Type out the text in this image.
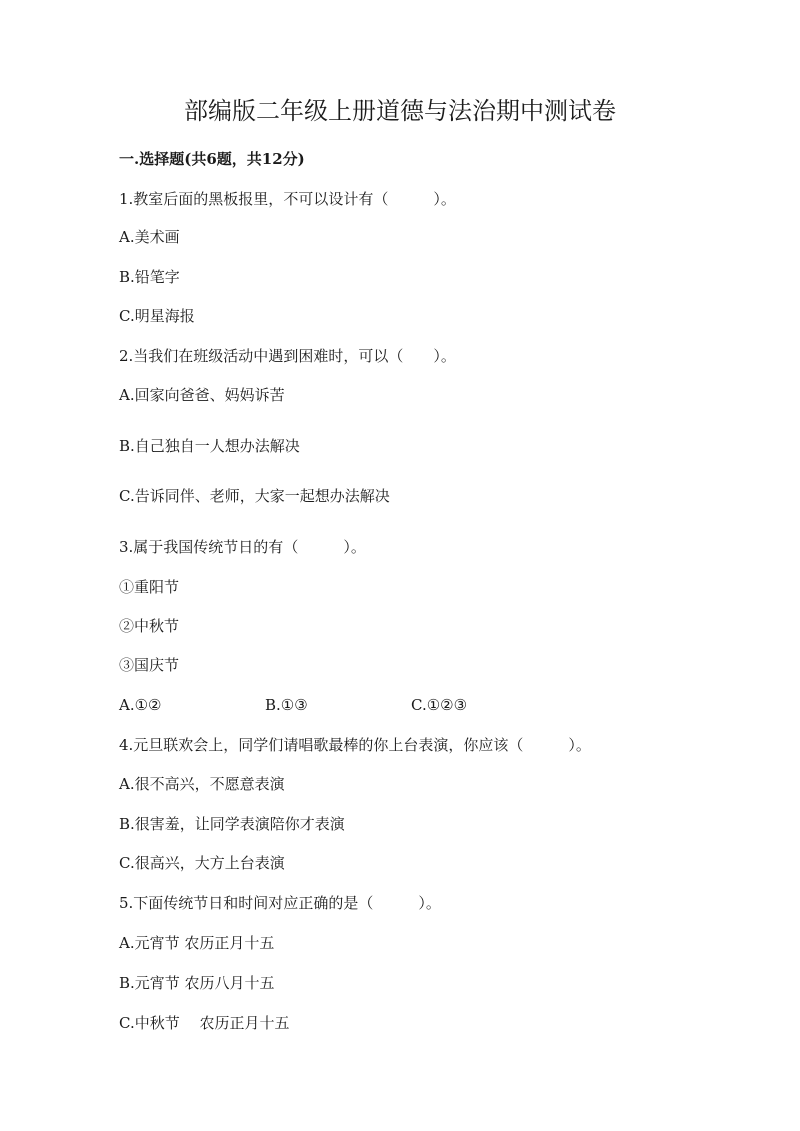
部编版二年级上册道德与法治期中测试卷
一.选择题(共6题，共12分)
1.教室后面的黑板报里，不可以设计有（　　　）。
A.美术画
B.铅笔字
C.明星海报
2.当我们在班级活动中遇到困难时，可以（　　）。
A.回家向爸爸、妈妈诉苦
B.自己独自一人想办法解决
C.告诉同伴、老师，大家一起想办法解决
3.属于我国传统节日的有（　　　）。
①重阳节
②中秋节
③国庆节
A.①②	B.①③	C.①②③
4.元旦联欢会上，同学们请唱歌最棒的你上台表演，你应该（　　　）。
A.很不高兴，不愿意表演
B.很害羞，让同学表演陪你才表演
C.很高兴，大方上台表演
5.下面传统节日和时间对应正确的是（　　　）。
A.元宵节 农历正月十五
B.元宵节 农历八月十五
C.中秋节　 农历正月十五
